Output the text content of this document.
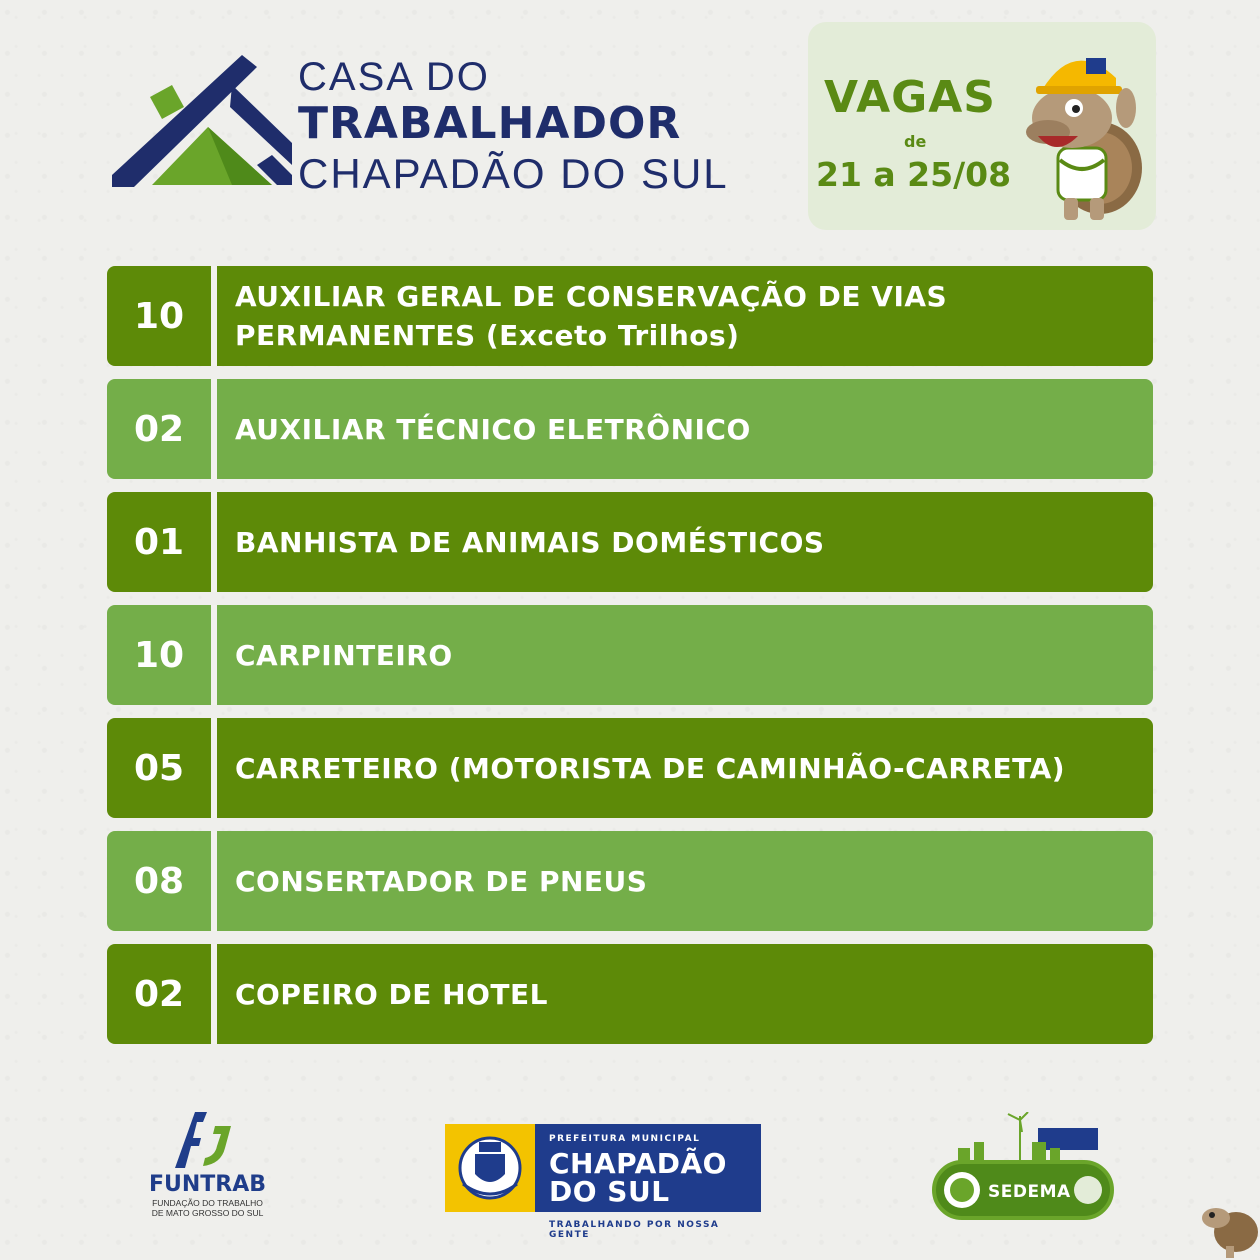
CASA DO
TRABALHADOR
CHAPADÃO DO SUL
VAGAS
de
21 a 25/08
10	AUXILIAR GERAL DE CONSERVAÇÃO DE VIAS PERMANENTES (Exceto Trilhos)
02	AUXILIAR TÉCNICO ELETRÔNICO
01	BANHISTA DE ANIMAIS DOMÉSTICOS
10	CARPINTEIRO
05	CARRETEIRO (MOTORISTA DE CAMINHÃO-CARRETA)
08	CONSERTADOR DE PNEUS
02	COPEIRO DE HOTEL
FUNTRAB
FUNDAÇÃO DO TRABALHO
DE MATO GROSSO DO SUL
PREFEITURA MUNICIPAL
CHAPADÃO
DO SUL
TRABALHANDO POR NOSSA GENTE
SEDEMA
